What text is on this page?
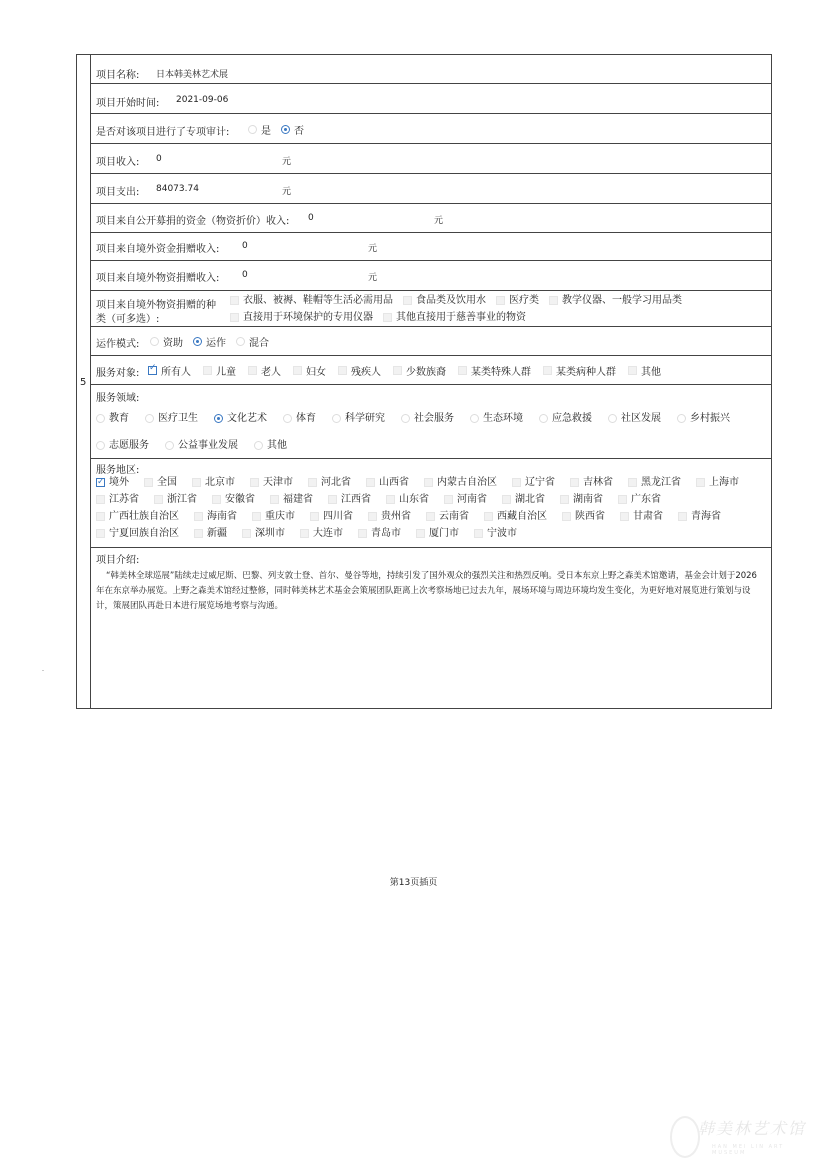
5
项目名称: 日本韩美林艺术展
项目开始时间: 2021-09-06
是否对该项目进行了专项审计:	是 否
项目收入: 0	元
项目支出: 84073.74	元
项目来自公开募捐的资金（物资折价）收入: 0	元
项目来自境外资金捐赠收入:	0	元
项目来自境外物资捐赠收入:	0	元
项目来自境外物资捐赠的种
类（可多选）:
衣服、被褥、鞋帽等生活必需用品 食品类及饮用水 医疗类 教学仪器、一般学习用品类

直接用于环境保护的专用仪器 其他直接用于慈善事业的物资
运作模式: 资助 运作 混合
服务对象:
✓ 所有人	儿童	老人	妇女	残疾人	少数族裔	某类特殊人群	某类病种人群	其他
服务领域:
教育	医疗卫生	文化艺术	体育	科学研究	社会服务	生态环境	应急救援	社区发展	乡村振兴
志愿服务	公益事业发展	其他
服务地区:
✓
境外	全国	北京市	天津市	河北省	山西省	内蒙古自治区	辽宁省	吉林省	黑龙江省	上海市
江苏省	浙江省	安徽省	福建省	江西省	山东省	河南省	湖北省	湖南省	广东省
广西壮族自治区	海南省	重庆市	四川省	贵州省	云南省	西藏自治区	陕西省	甘肃省	青海省
宁夏回族自治区	新疆	深圳市	大连市	青岛市	厦门市	宁波市
项目介绍:
“韩美林全球巡展”陆续走过威尼斯、巴黎、列支敦士登、首尔、曼谷等地，持续引发了国外观众的强烈关注和热烈反响。受日本东京上野之森美术馆邀请，基金会计划于2026年在东京举办展览。上野之森美术馆经过整修，同时韩美林艺术基金会策展团队距离上次考察场地已过去九年，展场环境与周边环境均发生变化，为更好地对展览进行策划与设计，策展团队再赴日本进行展览场地考察与沟通。
第13页插页
韩美林艺术馆
HAN MEI LIN ART MUSEUM
